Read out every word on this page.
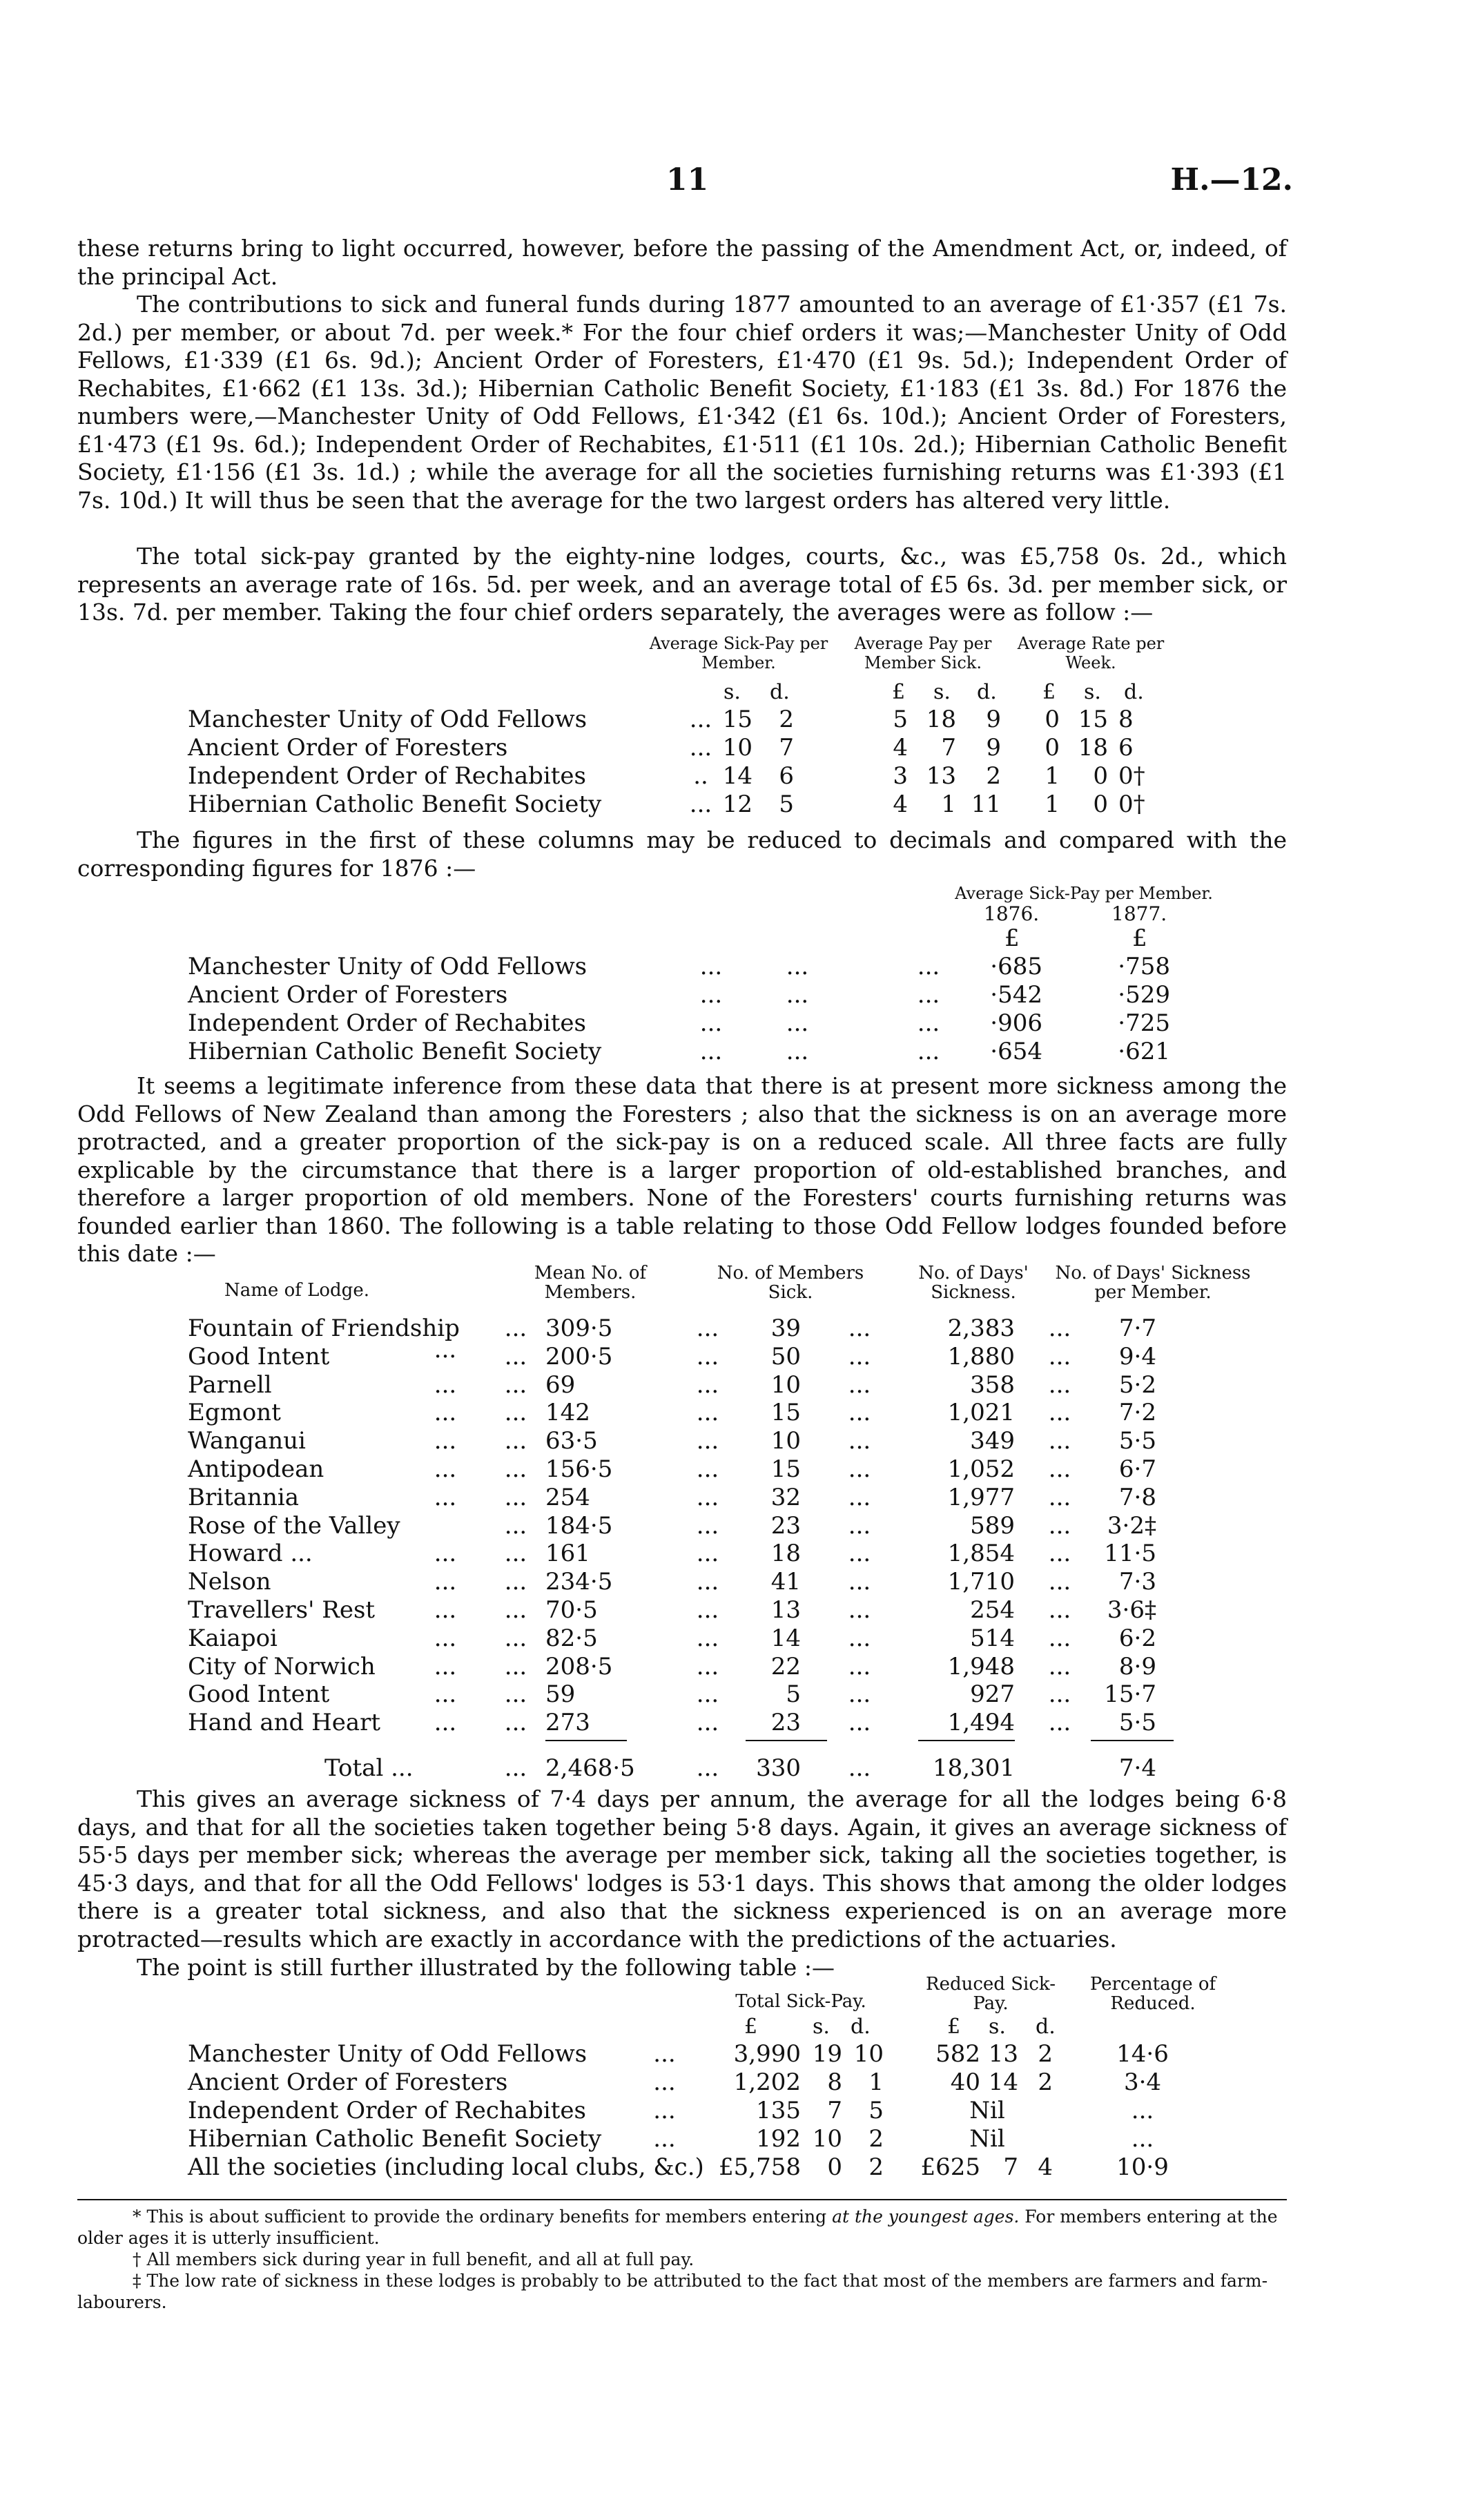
11	H.—12.

these returns bring to light occurred, however, before the passing of the Amendment Act, or, indeed, of the principal Act.

The contributions to sick and funeral funds during 1877 amounted to an average of £1·357 (£1 7s. 2d.) per member, or about 7d. per week.* For the four chief orders it was;—Manchester Unity of Odd Fellows, £1·339 (£1 6s. 9d.); Ancient Order of Foresters, £1·470 (£1 9s. 5d.); Independent Order of Rechabites, £1·662 (£1 13s. 3d.); Hibernian Catholic Benefit Society, £1·183 (£1 3s. 8d.) For 1876 the numbers were,—Manchester Unity of Odd Fellows, £1·342 (£1 6s. 10d.); Ancient Order of Foresters, £1·473 (£1 9s. 6d.); Independent Order of Rechabites, £1·511 (£1 10s. 2d.); Hibernian Catholic Benefit Society, £1·156 (£1 3s. 1d.) ; while the average for all the societies furnishing returns was £1·393 (£1 7s. 10d.) It will thus be seen that the average for the two largest orders has altered very little.

The total sick-pay granted by the eighty-nine lodges, courts, &c., was £5,758 0s. 2d., which represents an average rate of 16s. 5d. per week, and an average total of £5 6s. 3d. per member sick, or 13s. 7d. per member. Taking the four chief orders separately, the averages were as follow :—

Average Sick-Pay per Member.
Average Pay per Member Sick.
Average Rate per Week.
s. d.	£ s. d. £ s. d.
Manchester Unity of Odd Fellows	... 15	2	5 18	9	0 15 8
Ancient Order of Foresters	... 10	7	4	7	9	0 18 6
Independent Order of Rechabites	.. 14	6	3 13	2	1	0 0†
Hibernian Catholic Benefit Society	... 12	5	4	1 11	1	0 0†

The figures in the first of these columns may be reduced to decimals and compared with the corresponding figures for 1876 :—

Average Sick-Pay per Member.
1876.	1877.
£	£
Manchester Unity of Odd Fellows	...	...	...	·685	·758
Ancient Order of Foresters	...	...	...	·542	·529
Independent Order of Rechabites	...	...	...	·906	·725
Hibernian Catholic Benefit Society	...	...	...	·654	·621

It seems a legitimate inference from these data that there is at present more sickness among the Odd Fellows of New Zealand than among the Foresters ; also that the sickness is on an average more protracted, and a greater proportion of the sick-pay is on a reduced scale. All three facts are fully explicable by the circumstance that there is a larger proportion of old-established branches, and therefore a larger proportion of old members. None of the Foresters' courts furnishing returns was founded earlier than 1860. The following is a table relating to those Odd Fellow lodges founded before this date :—

Name of Lodge.
Mean No. of Members.
No. of Members Sick.
No. of Days' Sickness.
No. of Days' Sickness per Member.
Fountain of Friendship	... 309·5	...	39	...	2,383	...	7·7
Good Intent	···	... 200·5	...	50	...	1,880	...	9·4
Parnell	...	... 69	...	10	...	358	...	5·2
Egmont	...	... 142	...	15	...	1,021	...	7·2
Wanganui	...	... 63·5	...	10	...	349	...	5·5
Antipodean	...	... 156·5	...	15	...	1,052	...	6·7
Britannia	...	... 254	...	32	...	1,977	...	7·8
Rose of the Valley	... 184·5	...	23	...	589	...	3·2‡
Howard ...	...	... 161	...	18	...	1,854	...	11·5
Nelson	...	... 234·5	...	41	...	1,710	...	7·3
Travellers' Rest	...	... 70·5	...	13	...	254	...	3·6‡
Kaiapoi	...	... 82·5	...	14	...	514	...	6·2
City of Norwich	...	... 208·5	...	22	...	1,948	...	8·9
Good Intent	...	... 59	...	5	...	927	...	15·7
Hand and Heart	...	... 273	...	23	...	1,494	...	5·5
Total ...	2,468·5	330	18,301	7·4
...	...	...

This gives an average sickness of 7·4 days per annum, the average for all the lodges being 6·8 days, and that for all the societies taken together being 5·8 days. Again, it gives an average sickness of 55·5 days per member sick; whereas the average per member sick, taking all the societies together, is 45·3 days, and that for all the Odd Fellows' lodges is 53·1 days. This shows that among the older lodges there is a greater total sickness, and also that the sickness experienced is on an average more protracted—results which are exactly in accordance with the predictions of the actuaries.

The point is still further illustrated by the following table :—

Total Sick-Pay.
Reduced Sick-Pay.
Percentage of Reduced.
£	s. d.	£ s. d.
Manchester Unity of Odd Fellows	...	3,990 19 10	582 13 2	14·6
Ancient Order of Foresters	...	1,202	8	1	40 14 2	3·4
Independent Order of Rechabites	...	135	7	5	Nil	...
Hibernian Catholic Benefit Society	...	192 10	2	Nil	...
All the societies (including local clubs, &c.) £5,758	0	2	£625 7 4	10·9

* This is about sufficient to provide the ordinary benefits for members entering at the youngest ages. For members entering at the older ages it is utterly insufficient.

† All members sick during year in full benefit, and all at full pay.

‡ The low rate of sickness in these lodges is probably to be attributed to the fact that most of the members are farmers and farm-labourers.
